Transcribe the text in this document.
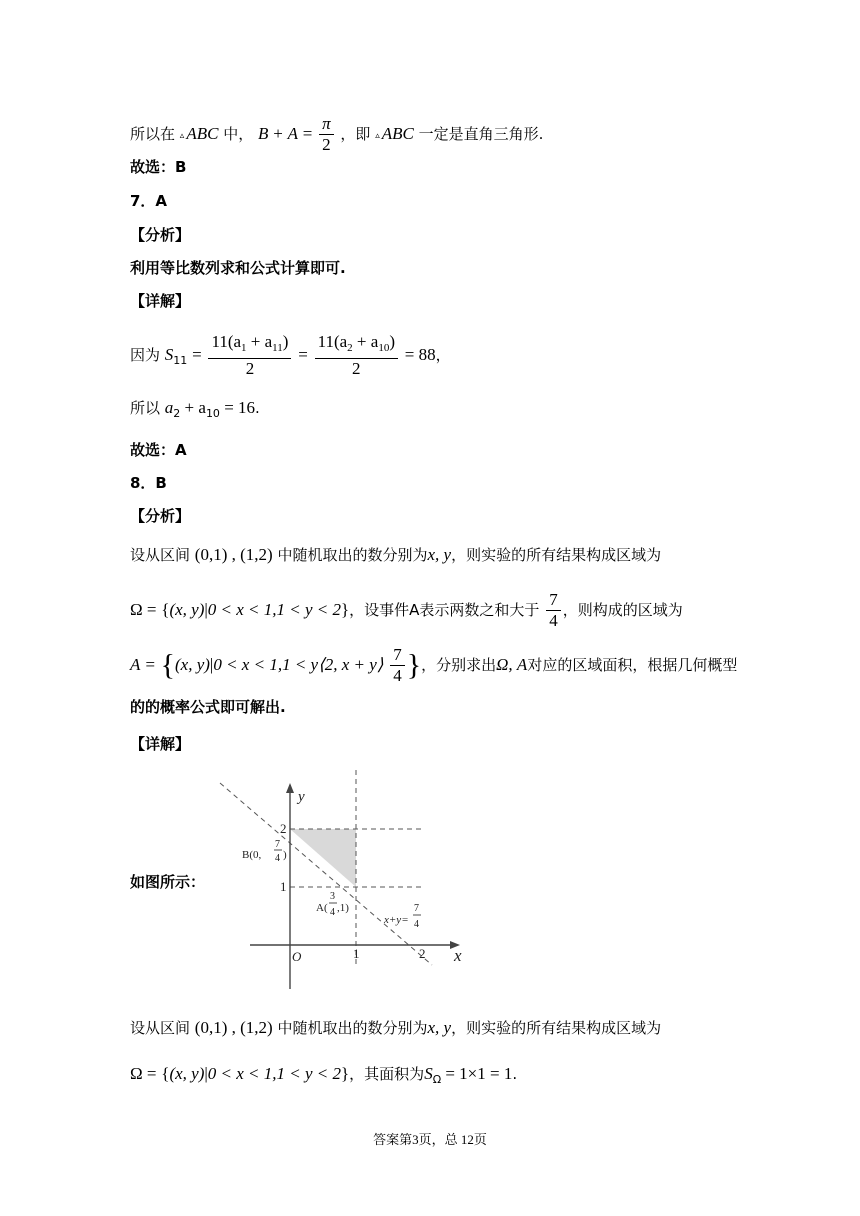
所以在 ▵ ABC 中， $B + A = \frac{\pi}{2}$ ，即 ▵ ABC 一定是直角三角形.
故选：B
7．A
【分析】
利用等比数列求和公式计算即可.
【详解】
因为 $S_{11} = \frac{11(a_1 + a_{11})}{2} = \frac{11(a_2 + a_{10})}{2} = 88$，
所以 $a_2 + a_{10} = 16$.
故选：A
8．B
【分析】
设从区间 (0,1) , (1,2) 中随机取出的数分别为x, y，则实验的所有结果构成区域为
Ω = {(x, y)|0 < x < 1,1 < y < 2}，设事件A表示两数之和大于 $\frac{7}{4}$ ，则构成的区域为
A = {(x, y)|0 < x < 1,1 < y⟨2, x + y⟩ $\frac{7}{4}$ }，分别求出Ω, A对应的区域面积，根据几何概型
的的概率公式即可解出.
【详解】
如图所示：
y
x
O
2
1
1	2
B(0,
7
4 )
A(
3
4 ,1)
x+y=
7
4
设从区间 (0,1) , (1,2) 中随机取出的数分别为x, y，则实验的所有结果构成区域为
Ω = {(x, y)|0 < x < 1,1 < y < 2}，其面积为$S_\Omega = 1\times 1 = 1$.
答案第3页，总 12页
